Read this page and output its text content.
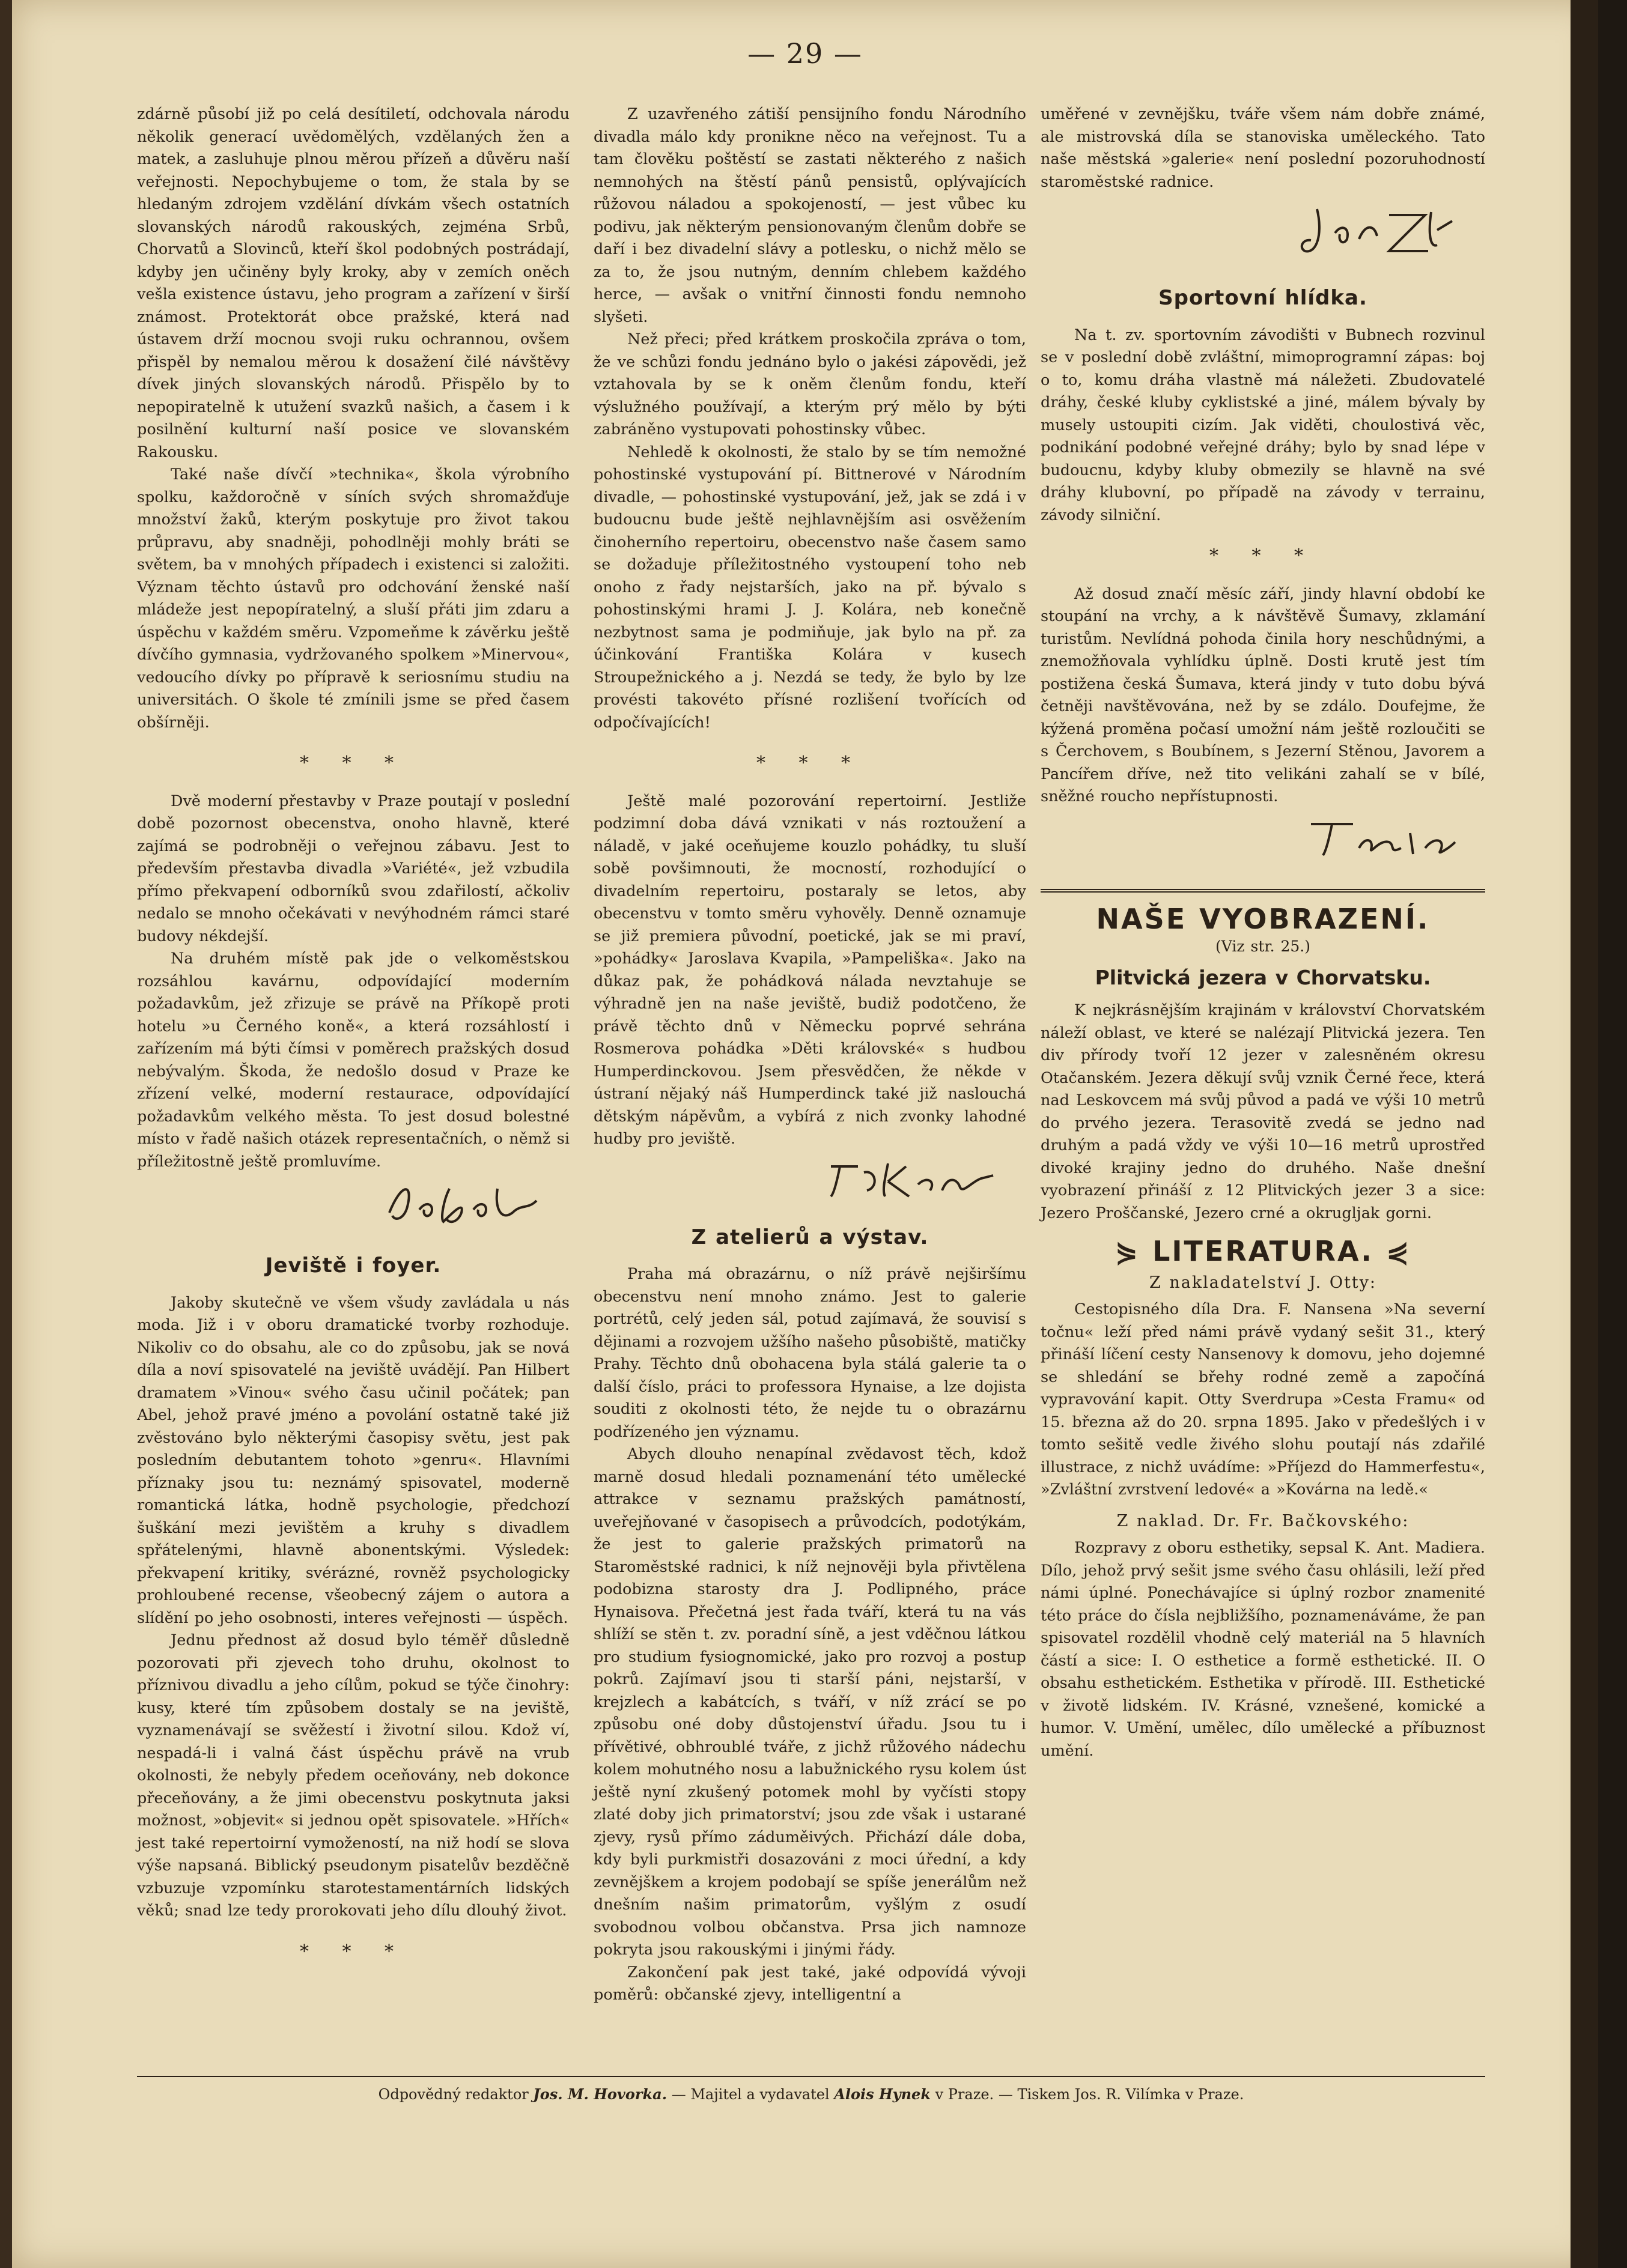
— 29 —

zdárně působí již po celá desítiletí, odchovala národu několik generací uvědomělých, vzdělaných žen a matek, a zasluhuje plnou měrou přízeň a důvěru naší veřejnosti. Nepochybujeme o tom, že stala by se hledaným zdrojem vzdělání dívkám všech ostatních slovanských národů rakouských, zejména Srbů, Chorvatů a Slovinců, kteří škol podobných postrádají, kdyby jen učiněny byly kroky, aby v zemích oněch vešla existence ústavu, jeho program a zařízení v širší známost. Protektorát obce pražské, která nad ústavem drží mocnou svoji ruku ochrannou, ovšem přispěl by nemalou měrou k dosažení čilé návštěvy dívek jiných slovanských národů. Přispělo by to nepopiratelně k utužení svazků našich, a časem i k posilnění kulturní naší posice ve slovanském Rakousku.

Také naše dívčí »technika«, škola výrobního spolku, každoročně v síních svých shromažďuje množství žaků, kterým poskytuje pro život takou průpravu, aby snadněji, pohodlněji mohly bráti se světem, ba v mnohých případech i existenci si založiti. Význam těchto ústavů pro odchování ženské naší mládeže jest nepopíratelný, a sluší přáti jim zdaru a úspěchu v každém směru. Vzpomeňme k závěrku ještě dívčího gymnasia, vydržovaného spolkem »Minervou«, vedoucího dívky po přípravě k seriosnímu studiu na universitách. O škole té zmínili jsme se před časem obšírněji.

* * *

Dvě moderní přestavby v Praze poutají v poslední době pozornost obecenstva, onoho hlavně, které zajímá se podrobněji o veřejnou zábavu. Jest to především přestavba divadla »Variété«, jež vzbudila přímo překvapení odborníků svou zdařilostí, ačkoliv nedalo se mnoho očekávati v nevýhodném rámci staré budovy nékdejší.

Na druhém místě pak jde o velkoměstskou rozsáhlou kavárnu, odpovídající moderním požadavkům, jež zřizuje se právě na Příkopě proti hotelu »u Černého koně«, a která rozsáhlostí i zařízením má býti čímsi v poměrech pražských dosud nebývalým. Škoda, že nedošlo dosud v Praze ke zřízení velké, moderní restaurace, odpovídající požadavkům velkého města. To jest dosud bolestné místo v řadě našich otázek representačních, o němž si příležitostně ještě promluvíme.

Jeviště i foyer.

Jakoby skutečně ve všem všudy zavládala u nás moda. Již i v oboru dramatické tvorby rozhoduje. Nikoliv co do obsahu, ale co do způsobu, jak se nová díla a noví spisovatelé na jeviště uvádějí. Pan Hilbert dramatem »Vinou« svého času učinil počátek; pan Abel, jehož pravé jméno a povolání ostatně také již zvěstováno bylo některými časopisy světu, jest pak posledním debutantem tohoto »genru«. Hlavními příznaky jsou tu: neznámý spisovatel, moderně romantická látka, hodně psychologie, předchozí šuškání mezi jevištěm a kruhy s divadlem spřátelenými, hlavně abonentskými. Výsledek: překvapení kritiky, svérázné, rovněž psychologicky prohloubené recense, všeobecný zájem o autora a slídění po jeho osobnosti, interes veřejnosti — úspěch.

Jednu přednost až dosud bylo téměř důsledně pozorovati při zjevech toho druhu, okolnost to příznivou divadlu a jeho cílům, pokud se týče činohry: kusy, které tím způsobem dostaly se na jeviště, vyznamenávají se svěžestí i životní silou. Kdož ví, nespadá-li i valná část úspěchu právě na vrub okolnosti, že nebyly předem oceňovány, neb dokonce přeceňovány, a že jimi obecenstvu poskytnuta jaksi možnost, »objevit« si jednou opět spisovatele. »Hřích« jest také repertoirní vymožeností, na niž hodí se slova výše napsaná. Biblický pseudonym pisatelův bezděčně vzbuzuje vzpomínku starotestamentárních lidských věků; snad lze tedy prorokovati jeho dílu dlouhý život.

* * *

Z uzavřeného zátiší pensijního fondu Národního divadla málo kdy pronikne něco na veřejnost. Tu a tam člověku poštěstí se zastati některého z našich nemnohých na štěstí pánů pensistů, oplývajících růžovou náladou a spokojeností, — jest vůbec ku podivu, jak některým pensionovaným členům dobře se daří i bez divadelní slávy a potlesku, o nichž mělo se za to, že jsou nutným, denním chlebem každého herce, — avšak o vnitřní činnosti fondu nemnoho slyšeti.

Než přeci; před krátkem proskočila zpráva o tom, že ve schůzi fondu jednáno bylo o jakési zápovědi, jež vztahovala by se k oněm členům fondu, kteří výslužného používají, a kterým prý mělo by býti zabráněno vystupovati pohostinsky vůbec.

Nehledě k okolnosti, že stalo by se tím nemožné pohostinské vystupování pí. Bittnerové v Národním divadle, — pohostinské vystupování, jež, jak se zdá i v budoucnu bude ještě nejhlavnějším asi osvěžením činoherního repertoiru, obecenstvo naše časem samo se dožaduje příležitostného vystoupení toho neb onoho z řady nejstarších, jako na př. bývalo s pohostinskými hrami J. J. Kolára, neb konečně nezbytnost sama je podmiňuje, jak bylo na př. za účinkování Františka Kolára v kusech Stroupežnického a j. Nezdá se tedy, že bylo by lze provésti takovéto přísné rozlišení tvořících od odpočívajících!

* * *

Ještě malé pozorování repertoirní. Jestliže podzimní doba dává vznikati v nás roztoužení a náladě, v jaké oceňujeme kouzlo pohádky, tu sluší sobě povšimnouti, že mocností, rozhodující o divadelním repertoiru, postaraly se letos, aby obecenstvu v tomto směru vyhověly. Denně oznamuje se již premiera původní, poetické, jak se mi praví, »pohádky« Jaroslava Kvapila, »Pampeliška«. Jako na důkaz pak, že pohádková nálada nevztahuje se výhradně jen na naše jeviště, budiž podotčeno, že právě těchto dnů v Německu poprvé sehrána Rosmerova pohádka »Děti královské« s hudbou Humperdinckovou. Jsem přesvědčen, že někde v ústraní nějaký náš Humperdinck také již naslouchá dětským nápěvům, a vybírá z nich zvonky lahodné hudby pro jeviště.

Z atelierů a výstav.

Praha má obrazárnu, o níž právě nejširšímu obecenstvu není mnoho známo. Jest to galerie portrétů, celý jeden sál, potud zajímavá, že souvisí s dějinami a rozvojem užšího našeho působiště, matičky Prahy. Těchto dnů obohacena byla stálá galerie ta o další číslo, práci to professora Hynaise, a lze dojista souditi z okolnosti této, že nejde tu o obrazárnu podřízeného jen významu.

Abych dlouho nenapínal zvědavost těch, kdož marně dosud hledali poznamenání této umělecké attrakce v seznamu pražských památností, uveřejňované v časopisech a průvodcích, podotýkám, že jest to galerie pražských primatorů na Staroměstské radnici, k níž nejnověji byla přivtělena podobizna starosty dra J. Podlipného, práce Hynaisova. Přečetná jest řada tváří, která tu na vás shlíží se stěn t. zv. poradní síně, a jest vděčnou látkou pro studium fysiognomické, jako pro rozvoj a postup pokrů. Zajímaví jsou ti starší páni, nejstarší, v krejzlech a kabátcích, s tváří, v níž zrácí se po způsobu oné doby důstojenství úřadu. Jsou tu i přívětivé, obhroublé tváře, z jichž růžového nádechu kolem mohutného nosu a labužnického rysu kolem úst ještě nyní zkušený potomek mohl by vyčísti stopy zlaté doby jich primatorství; jsou zde však i ustarané zjevy, rysů přímo záduměivých. Přichází dále doba, kdy byli purkmistři dosazováni z moci úřední, a kdy zevnějškem a krojem podobají se spíše jenerálům než dnešním našim primatorům, vyšlým z osudí svobodnou volbou občanstva. Prsa jich namnoze pokryta jsou rakouskými i jinými řády.

Zakončení pak jest také, jaké odpovídá vývoji poměrů: občanské zjevy, intelligentní a

uměřené v zevnějšku, tváře všem nám dobře známé, ale mistrovská díla se stanoviska uměleckého. Tato naše městská »galerie« není poslední pozoruhodností staroměstské radnice.

Sportovní hlídka.

Na t. zv. sportovním závodišti v Bubnech rozvinul se v poslední době zvláštní, mimoprogramní zápas: boj o to, komu dráha vlastně má náležeti. Zbudovatelé dráhy, české kluby cyklistské a jiné, málem bývaly by musely ustoupiti cizím. Jak viděti, choulostivá věc, podnikání podobné veřejné dráhy; bylo by snad lépe v budoucnu, kdyby kluby obmezily se hlavně na své dráhy klubovní, po případě na závody v terrainu, závody silniční.

* * *

Až dosud značí měsíc září, jindy hlavní období ke stoupání na vrchy, a k návštěvě Šumavy, zklamání turistům. Nevlídná pohoda činila hory neschůdnými, a znemožňovala vyhlídku úplně. Dosti krutě jest tím postižena česká Šumava, která jindy v tuto dobu bývá četněji navštěvována, než by se zdálo. Doufejme, že kýžená proměna počasí umožní nám ještě rozloučiti se s Čerchovem, s Boubínem, s Jezerní Stěnou, Javorem a Pancířem dříve, než tito velikáni zahalí se v bílé, sněžné roucho nepřístupnosti.

NAŠE VYOBRAZENÍ.
(Viz str. 25.)
Plitvická jezera v Chorvatsku.

K nejkrásnějším krajinám v království Chorvatském náleží oblast, ve které se nalézají Plitvická jezera. Ten div přírody tvoří 12 jezer v zalesněném okresu Otačanském. Jezera děkují svůj vznik Černé řece, která nad Leskovcem má svůj původ a padá ve výši 10 metrů do prvého jezera. Terasovitě zvedá se jedno nad druhým a padá vždy ve výši 10—16 metrů uprostřed divoké krajiny jedno do druhého. Naše dnešní vyobrazení přináší z 12 Plitvických jezer 3 a sice: Jezero Proščanské, Jezero crné a okrugljak gorni.

⋟ LITERATURA. ⋞
Z nakladatelství J. Otty:

Cestopisného díla Dra. F. Nansena »Na severní točnu« leží před námi právě vydaný sešit 31., který přináší líčení cesty Nansenovy k domovu, jeho dojemné se shledání se břehy rodné země a započíná vypravování kapit. Otty Sverdrupa »Cesta Framu« od 15. března až do 20. srpna 1895. Jako v předešlých i v tomto sešitě vedle živého slohu poutají nás zdařilé illustrace, z nichž uvádíme: »Příjezd do Hammerfestu«, »Zvláštní zvrstvení ledové« a »Kovárna na ledě.«

Z naklad. Dr. Fr. Bačkovského:

Rozpravy z oboru esthetiky, sepsal K. Ant. Madiera. Dílo, jehož prvý sešit jsme svého času ohlásili, leží před námi úplné. Ponechávajíce si úplný rozbor znamenité této práce do čísla nejbližšího, poznamenáváme, že pan spisovatel rozdělil vhodně celý materiál na 5 hlavních částí a sice: I. O esthetice a formě esthetické. II. O obsahu esthetickém. Esthetika v přírodě. III. Esthetické v životě lidském. IV. Krásné, vznešené, komické a humor. V. Umění, umělec, dílo umělecké a příbuznost umění.

Odpovědný redaktor Jos. M. Hovorka. — Majitel a vydavatel Alois Hynek v Praze. — Tiskem Jos. R. Vilímka v Praze.
